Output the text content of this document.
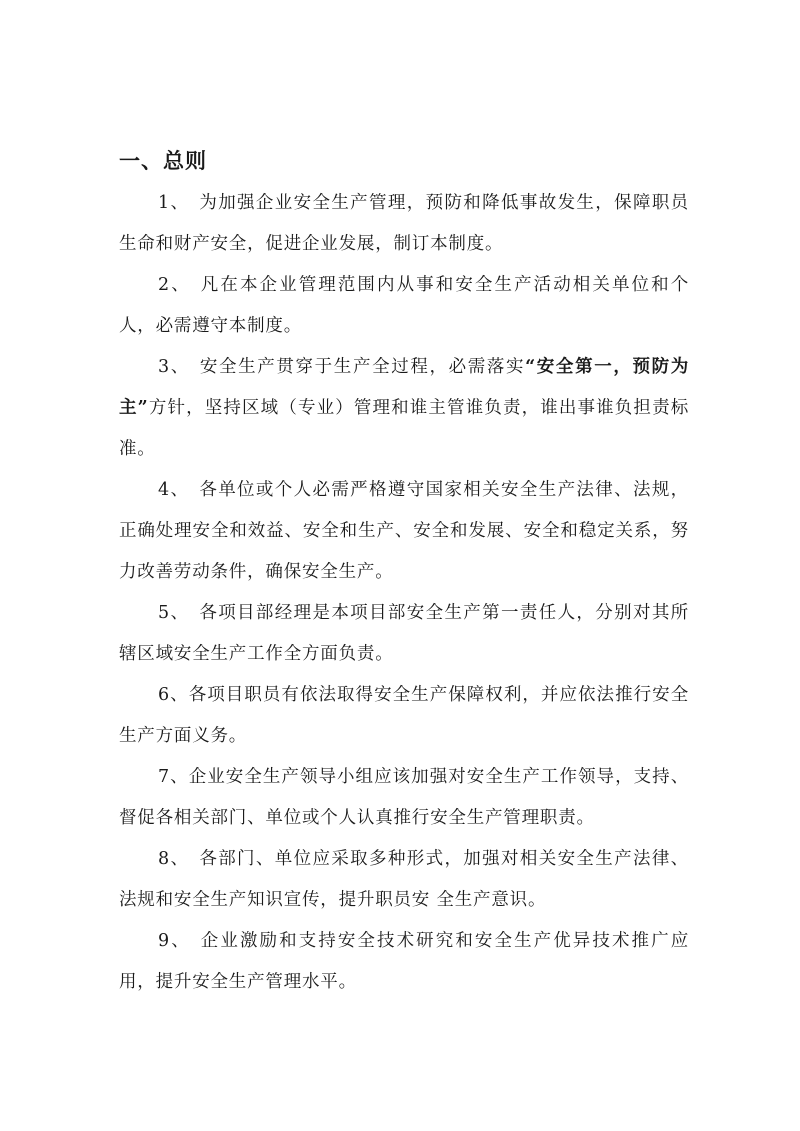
一、总则

1、 为加强企业安全生产管理，预防和降低事故发生，保障职员生命和财产安全，促进企业发展，制订本制度。

2、 凡在本企业管理范围内从事和安全生产活动相关单位和个人，必需遵守本制度。

3、 安全生产贯穿于生产全过程，必需落实“安全第一，预防为主”方针，坚持区域（专业）管理和谁主管谁负责，谁出事谁负担责标准。

4、 各单位或个人必需严格遵守国家相关安全生产法律、法规，正确处理安全和效益、安全和生产、安全和发展、安全和稳定关系，努力改善劳动条件，确保安全生产。

5、 各项目部经理是本项目部安全生产第一责任人，分别对其所辖区域安全生产工作全方面负责。

6、各项目职员有依法取得安全生产保障权利，并应依法推行安全生产方面义务。

7、企业安全生产领导小组应该加强对安全生产工作领导，支持、督促各相关部门、单位或个人认真推行安全生产管理职责。

8、 各部门、单位应采取多种形式，加强对相关安全生产法律、法规和安全生产知识宣传，提升职员安 全生产意识。

9、 企业激励和支持安全技术研究和安全生产优异技术推广应用，提升安全生产管理水平。
